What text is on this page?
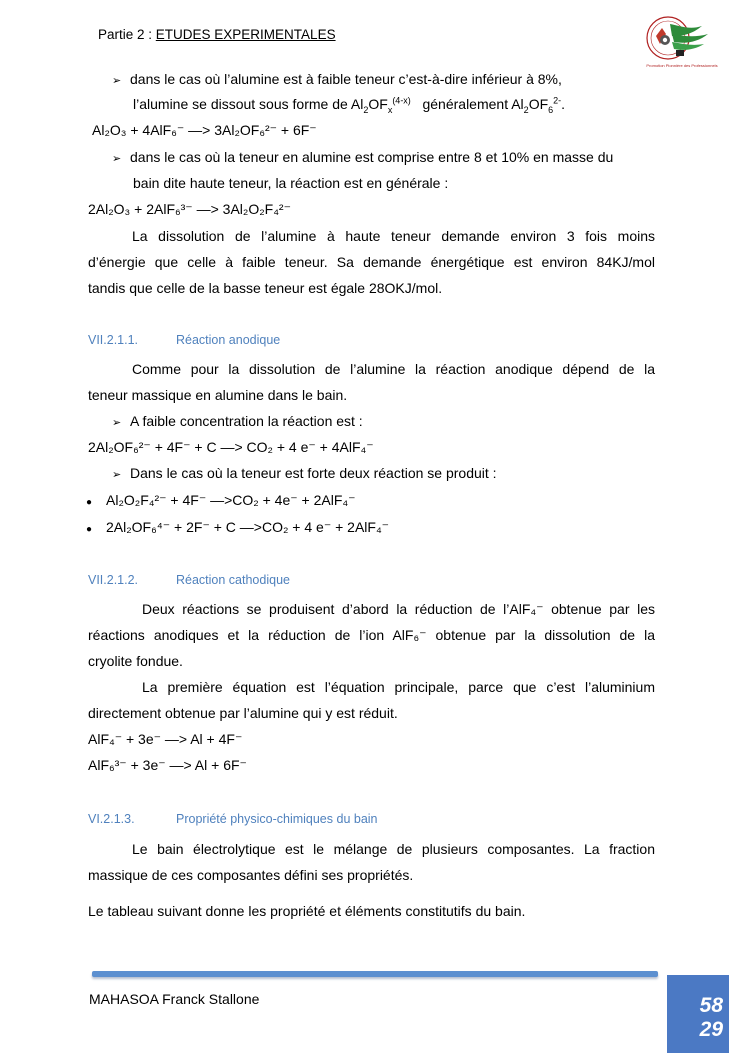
Partie 2 : ETUDES EXPERIMENTALES
Promotion Pionnière des Professionnels
➢ dans le cas où l’alumine est à faible teneur c’est-à-dire inférieur à 8%,
l’alumine se dissout sous forme de $Al_2OF_x^{(4-x)}$   généralement $Al_2OF_6^{2-}$.
Al₂O₃ + 4AlF₆⁻ —> 3Al₂OF₆²⁻ + 6F⁻
➢ dans le cas où la teneur en alumine est comprise entre 8 et 10% en masse du
bain dite haute teneur, la réaction est en générale :
2Al₂O₃ + 2AlF₆³⁻ —> 3Al₂O₂F₄²⁻
La dissolution de l’alumine à haute teneur demande environ 3 fois moins
d’énergie que celle à faible teneur. Sa demande énergétique est environ 84KJ/mol
tandis que celle de la basse teneur est égale 28OKJ/mol.
VII.2.1.1.	Réaction anodique
Comme pour la dissolution de l’alumine la réaction anodique dépend de la
teneur massique en alumine dans le bain.
➢ A faible concentration la réaction est :
2Al₂OF₆²⁻ + 4F⁻ + C —> CO₂ + 4 e⁻ + 4AlF₄⁻
➢ Dans le cas où la teneur est forte deux réaction se produit :
● Al₂O₂F₄²⁻ + 4F⁻ —>CO₂ + 4e⁻ + 2AlF₄⁻
● 2Al₂OF₆⁴⁻ + 2F⁻ + C —>CO₂ + 4 e⁻ + 2AlF₄⁻
VII.2.1.2.	Réaction cathodique
Deux réactions se produisent d’abord la réduction de l’AlF₄⁻ obtenue par les
réactions anodiques et la réduction de l’ion AlF₆⁻ obtenue par la dissolution de la
cryolite fondue.
La première équation est l’équation principale, parce que c’est l’aluminium
directement obtenue par l’alumine qui y est réduit.
AlF₄⁻ + 3e⁻ —> Al + 4F⁻
AlF₆³⁻ + 3e⁻ —> Al + 6F⁻
VI.2.1.3.	Propriété physico-chimiques du bain
Le bain électrolytique est le mélange de plusieurs composantes. La fraction
massique de ces composantes défini ses propriétés.
Le tableau suivant donne les propriété et éléments constitutifs du bain.
MAHASOA Franck Stallone	58
29
